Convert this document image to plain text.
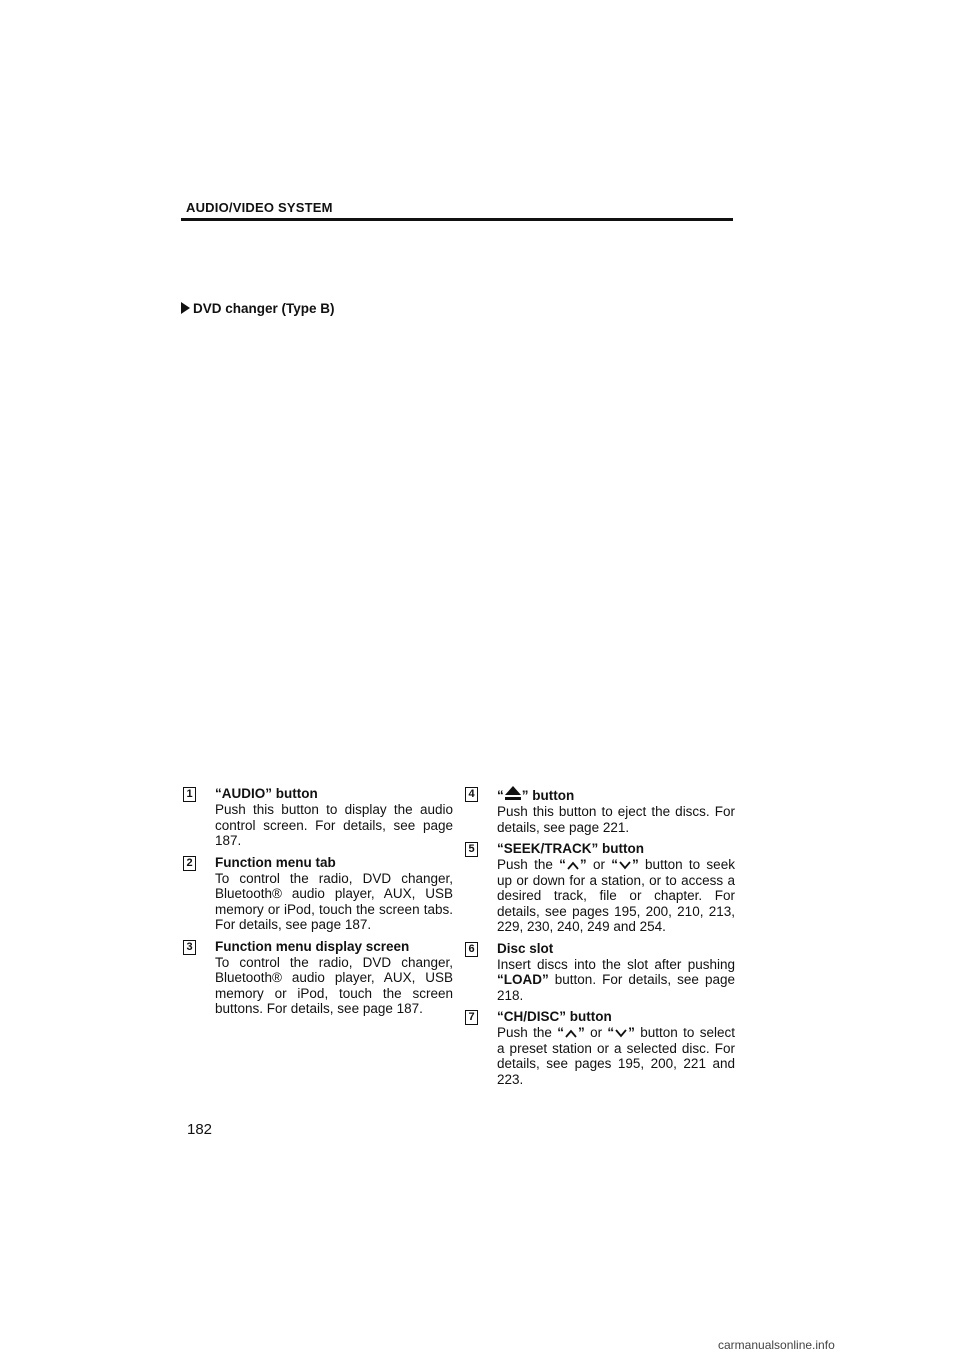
AUDIO/VIDEO SYSTEM
DVD changer (Type B)
1 “AUDIO” button
Push this button to display the audio control screen. For details, see page 187.
2 Function menu tab
To control the radio, DVD changer, Bluetooth® audio player, AUX, USB memory or iPod, touch the screen tabs. For details, see page 187.
3 Function menu display screen
To control the radio, DVD changer, Bluetooth® audio player, AUX, USB memory or iPod, touch the screen buttons. For details, see page 187.
4 “ ” button
Push this button to eject the discs. For details, see page 221.
5 “SEEK/TRACK” button
Push the “ ” or “ ” button to seek up or down for a station, or to access a desired track, file or chapter. For details, see pages 195, 200, 210, 213, 229, 230, 240, 249 and 254.
6 Disc slot
Insert discs into the slot after pushing “LOAD” button. For details, see page 218.
7 “CH/DISC” button
Push the “ ” or “ ” button to select a preset station or a selected disc. For details, see pages 195, 200, 221 and 223.
182
carmanualsonline.info
